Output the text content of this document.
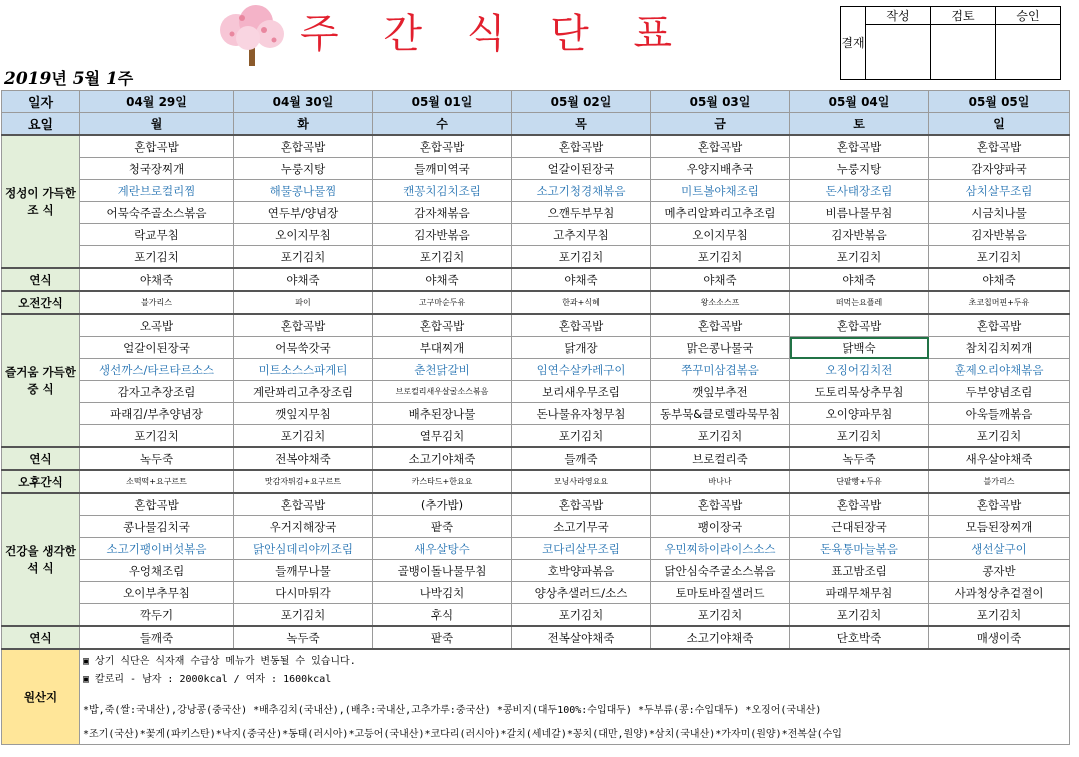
주 간 식 단 표	결재	작성	검토	승인

2019년 5월 1주
일자	04월 29일	04월 30일	05월 01일	05월 02일	05월 03일	05월 04일	05월 05일
요일	월	화	수	목	금	토	일
정성이 가득한 조 식	혼합곡밥	혼합곡밥	혼합곡밥	혼합곡밥	혼합곡밥	혼합곡밥	혼합곡밥
	청국장찌개	누룽지탕	들깨미역국	얼갈이된장국	우양지배추국	누룽지탕	감자양파국
	계란브로컬리찜	해물콩나물찜	캔꽁치김치조림	소고기청경채볶음	미트볼야채조림	돈사태장조림	삼치살무조림
	어묵숙주골소스볶음	연두부/양념장	감자채볶음	으깬두부무침	메추리알꽈리고추조림	비름나물무침	시금치나물
	락교무침	오이지무침	김자반볶음	고추지무침	오이지무침	김자반볶음	김자반볶음
	포기김치	포기김치	포기김치	포기김치	포기김치	포기김치	포기김치
연식	야채죽	야채죽	야채죽	야채죽	야채죽	야채죽	야채죽
오전간식	블가리스	파이	고구마순두유	한과+식혜	왕소소스프	떠먹는요플레	초코칩머핀+두유
즐거움 가득한 중 식	오곡밥	혼합곡밥	혼합곡밥	혼합곡밥	혼합곡밥	혼합곡밥	혼합곡밥
	얼갈이된장국	어묵쑥갓국	부대찌개	닭개장	맑은콩나물국	닭백숙	참치김치찌개
	생선까스/타르타르소스	미트소스스파게티	춘천닭갈비	임연수살카레구이	쭈꾸미삼겹볶음	오징어김치전	훈제오리야채볶음
	감자고추장조림	계란꽈리고추장조림	브로컬리새우살굴소스볶음	보리새우무조림	깻잎부추전	도토리묵상추무침	두부양념조림
	파래김/부추양념장	깻잎지무침	배추된장나물	돈나물유자청무침	동부묵&클로렐라묵무침	오이양파무침	아욱들깨볶음
	포기김치	포기김치	열무김치	포기김치	포기김치	포기김치	포기김치
연식	녹두죽	전복야채죽	소고기야채죽	들깨죽	브로컬리죽	녹두죽	새우살야채죽
오후간식	소떡떡+요구르트	맛감자튀김+요구르트	카스타드+한요요	모닝사라영요요	바나나	단팥빵+두유	블가리스
건강을 생각한 석 식	혼합곡밥	혼합곡밥	(추가밥)	혼합곡밥	혼합곡밥	혼합곡밥	혼합곡밥
	콩나물김치국	우거지해장국	팥죽	소고기무국	팽이장국	근대된장국	모듬된장찌개
	소고기팽이버섯볶음	닭안심데리야끼조림	새우살탕수	코다리살무조림	우민찌하이라이스소스	돈육통마늘볶음	생선살구이
	우엉채조림	들깨무나물	골뱅이돌나물무침	호박양파볶음	닭안심숙주굴소스볶음	표고밤조림	콩자반
	오이부추무침	다시마튀각	나박김치	양상추샐러드/소스	토마토바질샐러드	파래무채무침	사과청상추겉절이
	깍두기	포기김치	후식	포기김치	포기김치	포기김치	포기김치
연식	들깨죽	녹두죽	팥죽	전복살야채죽	소고기야채죽	단호박죽	매생이죽
원산지	▣ 상기 식단은 식자재 수급상 메뉴가 변동될 수 있습니다.						
	▣ 칼로리 - 남자 : 2000kcal / 여자 : 1600kcal						

	*밥,죽(쌀:국내산),강낭콩(중국산) *배추김치(국내산),(배추:국내산,고추가루:중국산) *콩비지(대두100%:수입대두) *두부류(콩:수입대두) *오징어(국내산)						
	*조기(국산)*꽃게(파키스탄)*낙지(중국산)*동태(러시아)*고등어(국내산)*코다리(러시아)*갈치(세네갈)*꽁치(대만,원양)*삼치(국내산)*가자미(원양)*전복살(수입						
